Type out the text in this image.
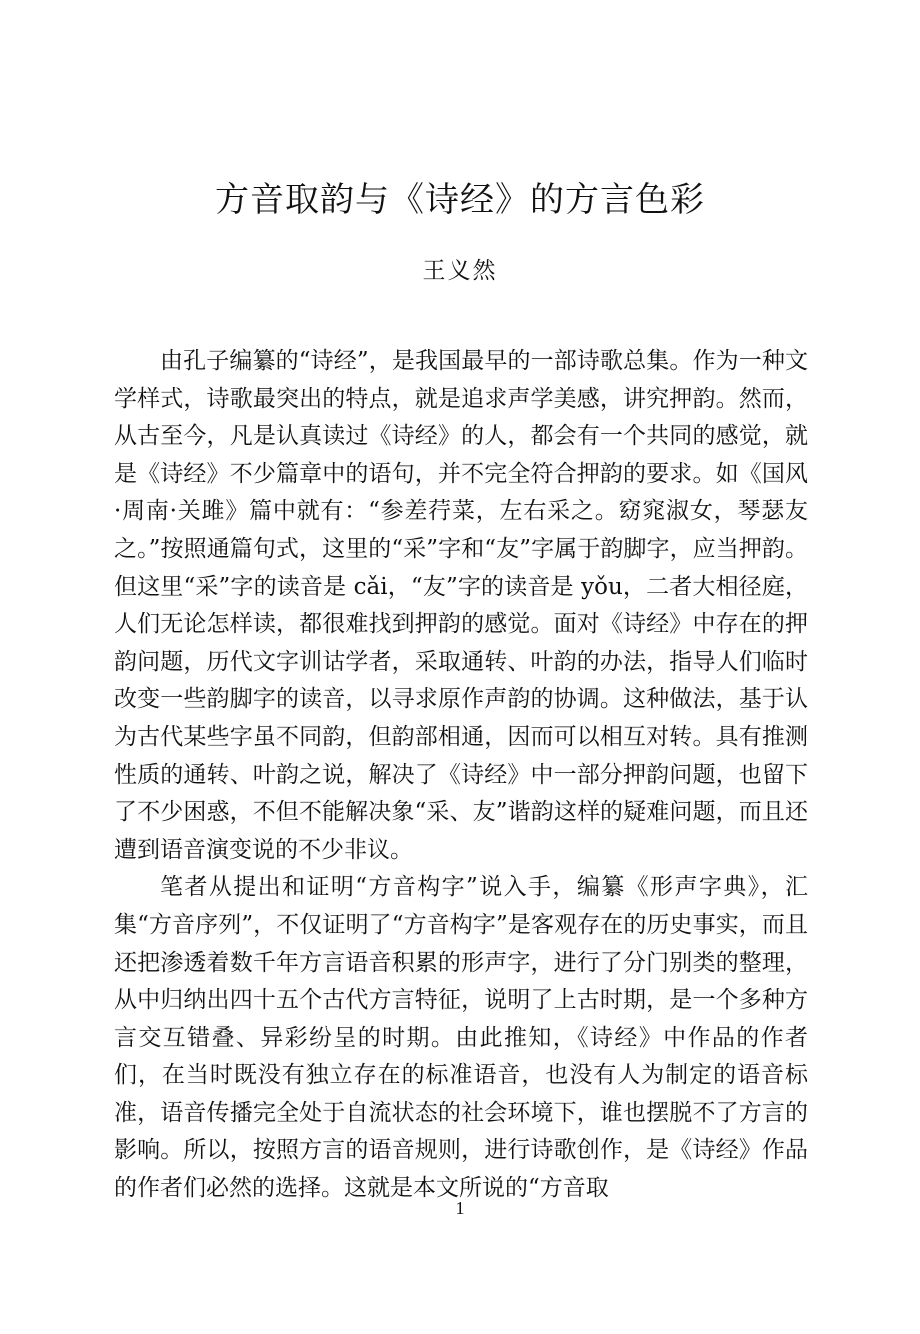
方音取韵与《诗经》的方言色彩
王义然

由孔子编纂的“诗经”，是我国最早的一部诗歌总集。作为一种文学样式，诗歌最突出的特点，就是追求声学美感，讲究押韵。然而，从古至今，凡是认真读过《诗经》的人，都会有一个共同的感觉，就是《诗经》不少篇章中的语句，并不完全符合押韵的要求。如《国风·周南·关雎》篇中就有：“参差荇菜，左右采之。窈窕淑女，琴瑟友之。”按照通篇句式，这里的“采”字和“友”字属于韵脚字，应当押韵。但这里“采”字的读音是 cǎi，“友”字的读音是 yǒu，二者大相径庭，人们无论怎样读，都很难找到押韵的感觉。面对《诗经》中存在的押韵问题，历代文字训诂学者，采取通转、叶韵的办法，指导人们临时改变一些韵脚字的读音，以寻求原作声韵的协调。这种做法，基于认为古代某些字虽不同韵，但韵部相通，因而可以相互对转。具有推测性质的通转、叶韵之说，解决了《诗经》中一部分押韵问题，也留下了不少困惑，不但不能解决象“采、友”谐韵这样的疑难问题，而且还遭到语音演变说的不少非议。

笔者从提出和证明“方音构字”说入手，编纂《形声字典》，汇集“方音序列”，不仅证明了“方音构字”是客观存在的历史事实，而且还把渗透着数千年方言语音积累的形声字，进行了分门别类的整理，从中归纳出四十五个古代方言特征，说明了上古时期，是一个多种方言交互错叠、异彩纷呈的时期。由此推知，《诗经》中作品的作者们，在当时既没有独立存在的标准语音，也没有人为制定的语音标准，语音传播完全处于自流状态的社会环境下，谁也摆脱不了方言的影响。所以，按照方言的语音规则，进行诗歌创作，是《诗经》作品的作者们必然的选择。这就是本文所说的“方音取

1
